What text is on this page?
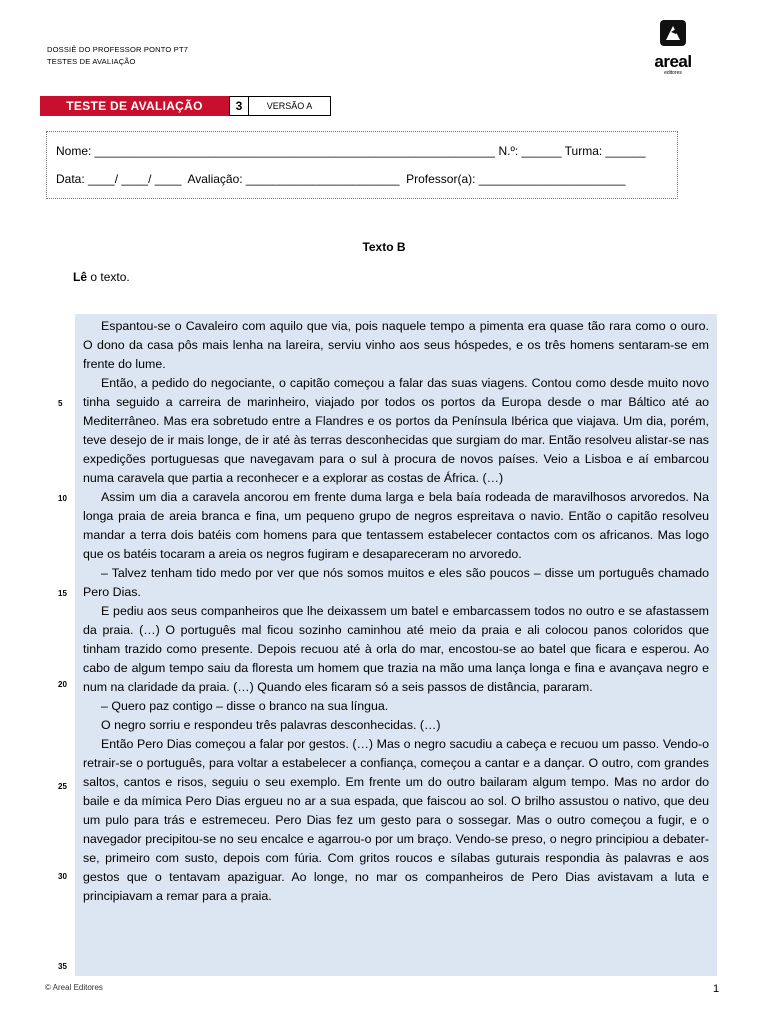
DOSSIÊ DO PROFESSOR PONTO PT7
TESTES DE AVALIAÇÃO	areal
editores
TESTE DE AVALIAÇÃO	3	VERSÃO A
Nome: ____________________________________________________________ N.º: ______ Turma: ______
Data: ____/ ____/ ____  Avaliação: _______________________  Professor(a): ______________________
Texto B
Lê o texto.
5
10
15
20
25
30
35

Espantou-se o Cavaleiro com aquilo que via, pois naquele tempo a pimenta era quase tão rara como o ouro. O dono da casa pôs mais lenha na lareira, serviu vinho aos seus hóspedes, e os três homens sentaram-se em frente do lume.

Então, a pedido do negociante, o capitão começou a falar das suas viagens. Contou como desde muito novo tinha seguido a carreira de marinheiro, viajado por todos os portos da Europa desde o mar Báltico até ao Mediterrâneo. Mas era sobretudo entre a Flandres e os portos da Península Ibérica que viajava. Um dia, porém, teve desejo de ir mais longe, de ir até às terras desconhecidas que surgiam do mar. Então resolveu alistar-se nas expedições portuguesas que navegavam para o sul à procura de novos países. Veio a Lisboa e aí embarcou numa caravela que partia a reconhecer e a explorar as costas de África. (…)

Assim um dia a caravela ancorou em frente duma larga e bela baía rodeada de maravilhosos arvoredos. Na longa praia de areia branca e fina, um pequeno grupo de negros espreitava o navio. Então o capitão resolveu mandar a terra dois batéis com homens para que tentassem estabelecer contactos com os africanos. Mas logo que os batéis tocaram a areia os negros fugiram e desapareceram no arvoredo.

– Talvez tenham tido medo por ver que nós somos muitos e eles são poucos – disse um português chamado Pero Dias.

E pediu aos seus companheiros que lhe deixassem um batel e embarcassem todos no outro e se afastassem da praia. (…) O português mal ficou sozinho caminhou até meio da praia e ali colocou panos coloridos que tinham trazido como presente. Depois recuou até à orla do mar, encostou-se ao batel que ficara e esperou. Ao cabo de algum tempo saiu da floresta um homem que trazia na mão uma lança longa e fina e avançava negro e num na claridade da praia. (…) Quando eles ficaram só a seis passos de distância, pararam.

– Quero paz contigo – disse o branco na sua língua.

O negro sorriu e respondeu três palavras desconhecidas. (…)

Então Pero Dias começou a falar por gestos. (…) Mas o negro sacudiu a cabeça e recuou um passo. Vendo-o retrair-se o português, para voltar a estabelecer a confiança, começou a cantar e a dançar. O outro, com grandes saltos, cantos e risos, seguiu o seu exemplo. Em frente um do outro bailaram algum tempo. Mas no ardor do baile e da mímica Pero Dias ergueu no ar a sua espada, que faiscou ao sol. O brilho assustou o nativo, que deu um pulo para trás e estremeceu. Pero Dias fez um gesto para o sossegar. Mas o outro começou a fugir, e o navegador precipitou-se no seu encalce e agarrou-o por um braço. Vendo-se preso, o negro principiou a debater-se, primeiro com susto, depois com fúria. Com gritos roucos e sílabas guturais respondia às palavras e aos gestos que o tentavam apaziguar. Ao longe, no mar os companheiros de Pero Dias avistavam a luta e principiavam a remar para a praia.

© Areal Editores	1
